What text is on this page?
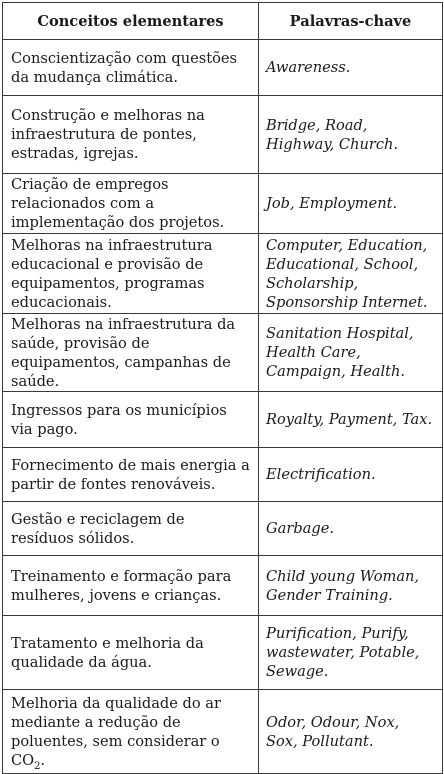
Conceitos elementares	Palavras-chave
Conscientização com questões da mudança climática.	Awareness.
Construção e melhoras na infraestrutura de pontes, estradas, igrejas.	Bridge, Road, Highway, Church.
Criação de empregos relacionados com a implementação dos projetos.	Job, Employment.
Melhoras na infraestrutura educacional e provisão de equipamentos, programas educacionais.	Computer, Education, Educational, School, Scholarship, Sponsorship Internet.
Melhoras na infraestrutura da saúde, provisão de equipamentos, campanhas de saúde.	Sanitation Hospital, Health Care, Campaign, Health.
Ingressos para os municípios via pago.	Royalty, Payment, Tax.
Fornecimento de mais energia a partir de fontes renováveis.	Electrification.
Gestão e reciclagem de resíduos sólidos.	Garbage.
Treinamento e formação para mulheres, jovens e crianças.	Child young Woman, Gender Training.
Tratamento e melhoria da qualidade da água.	Purification, Purify, wastewater, Potable, Sewage.
Melhoria da qualidade do ar mediante a redução de poluentes, sem considerar o $CO_2$.	Odor, Odour, Nox, Sox, Pollutant.
